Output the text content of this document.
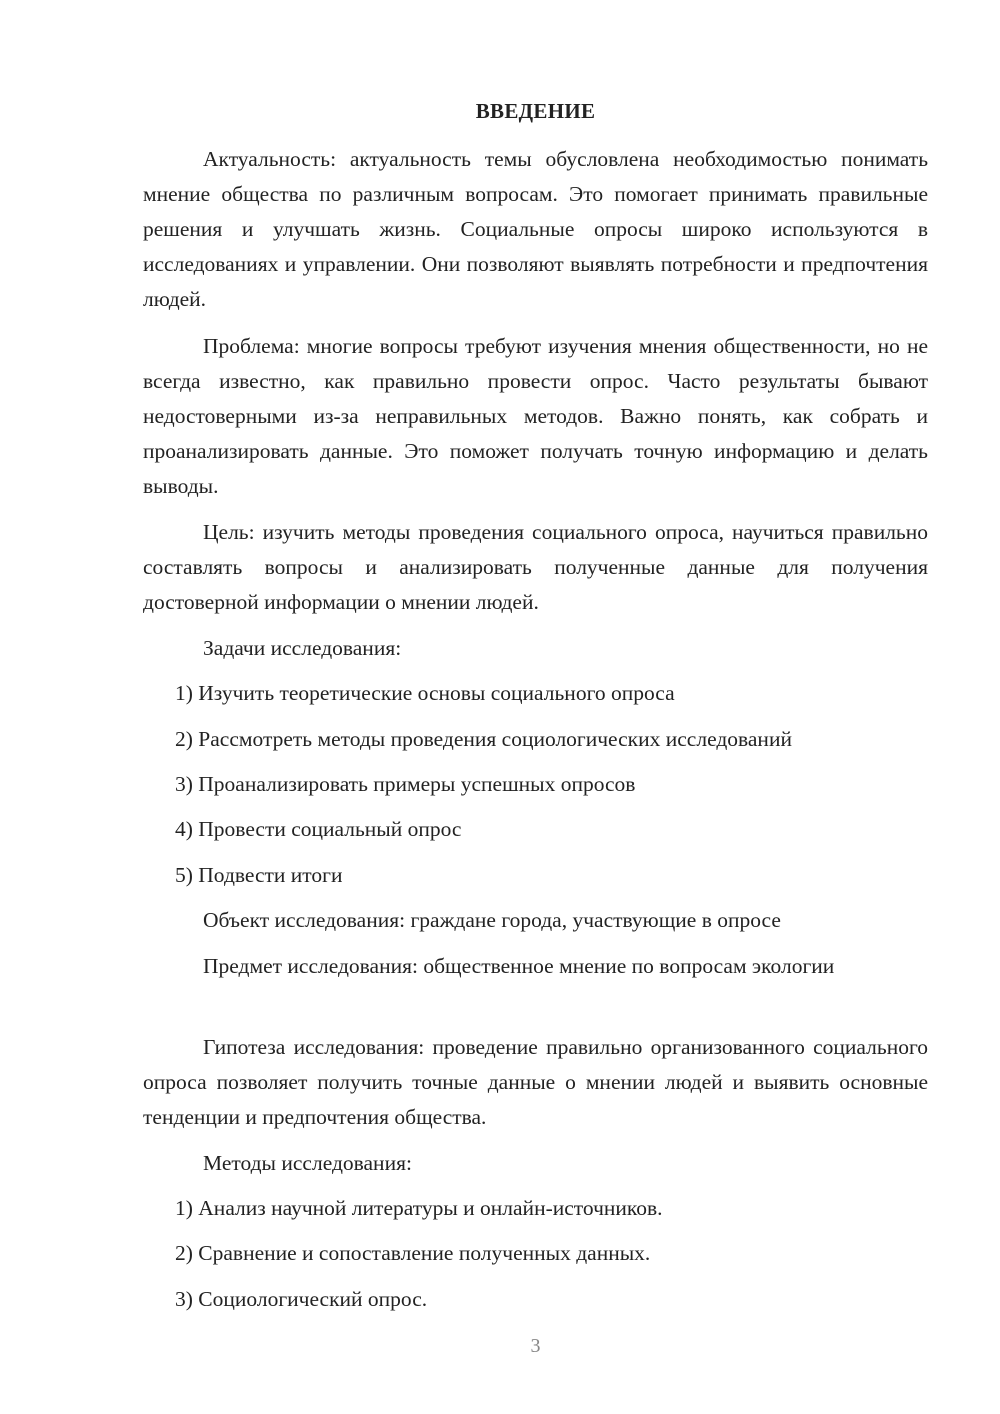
ВВЕДЕНИЕ

Актуальность: актуальность темы обусловлена необходимостью понимать мнение общества по различным вопросам. Это помогает принимать правильные решения и улучшать жизнь. Социальные опросы широко используются в исследованиях и управлении. Они позволяют выявлять потребности и предпочтения людей.

Проблема: многие вопросы требуют изучения мнения общественности, но не всегда известно, как правильно провести опрос. Часто результаты бывают недостоверными из-за неправильных методов. Важно понять, как собрать и проанализировать данные. Это поможет получать точную информацию и делать выводы.

Цель: изучить методы проведения социального опроса, научиться правильно составлять вопросы и анализировать полученные данные для получения достоверной информации о мнении людей.

Задачи исследования:
1) Изучить теоретические основы социального опроса
2) Рассмотреть методы проведения социологических исследований
3) Проанализировать примеры успешных опросов
4) Провести социальный опрос
5) Подвести итоги
Объект исследования: граждане города, участвующие в опросе

Предмет исследования: общественное мнение по вопросам экологии

Гипотеза исследования: проведение правильно организованного социального опроса позволяет получить точные данные о мнении людей и выявить основные тенденции и предпочтения общества.

Методы исследования:
1) Анализ научной литературы и онлайн-источников.
2) Сравнение и сопоставление полученных данных.
3) Социологический опрос.
3
